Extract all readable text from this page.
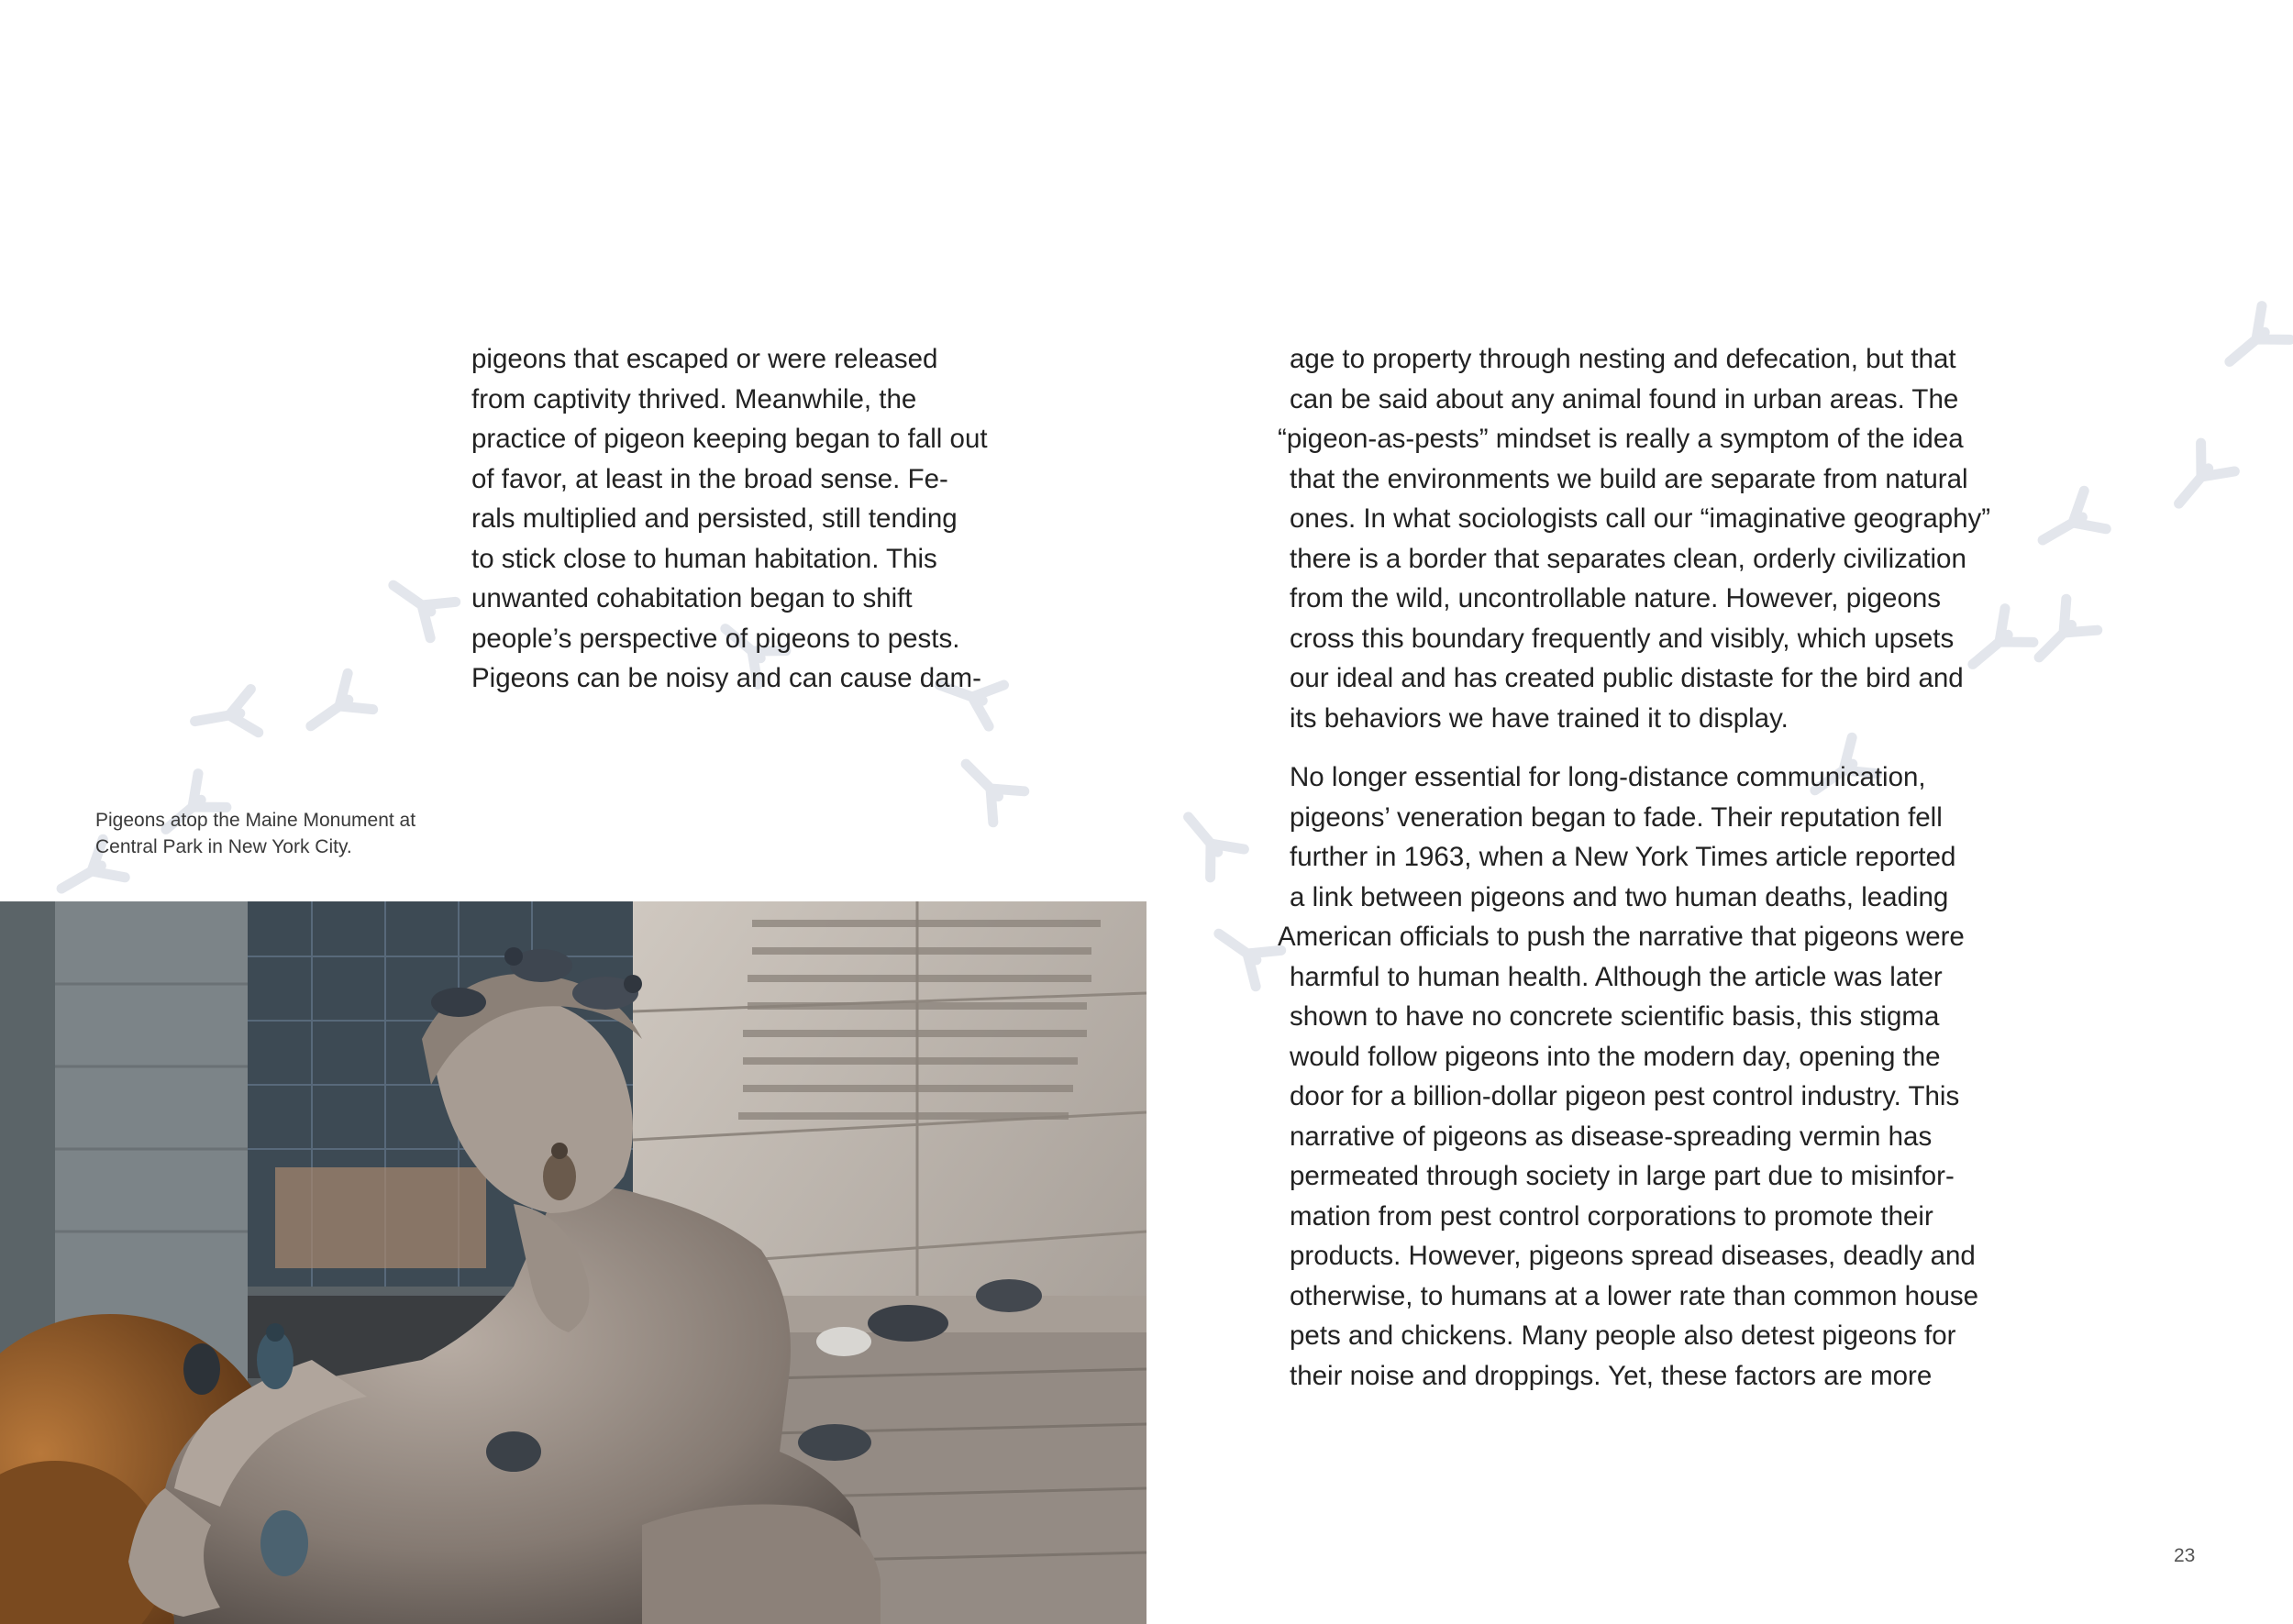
pigeons that escaped or were released
from captivity thrived. Meanwhile, the
practice of pigeon keeping began to fall out
of favor, at least in the broad sense. Fe-
rals multiplied and persisted, still tending
to stick close to human habitation. This
unwanted cohabitation began to shift
people’s perspective of pigeons to pests.
Pigeons can be noisy and can cause dam-
age to property through nesting and defecation, but that
can be said about any animal found in urban areas. The
“pigeon-as-pests” mindset is really a symptom of the idea
that the environments we build are separate from natural
ones. In what sociologists call our “imaginative geography”
there is a border that separates clean, orderly civilization
from the wild, uncontrollable nature. However, pigeons
cross this boundary frequently and visibly, which upsets
our ideal and has created public distaste for the bird and
its behaviors we have trained it to display.
No longer essential for long-distance communication,
pigeons’ veneration began to fade. Their reputation fell
further in 1963, when a New York Times article reported
a link between pigeons and two human deaths, leading
American officials to push the narrative that pigeons were
harmful to human health. Although the article was later
shown to have no concrete scientific basis, this stigma
would follow pigeons into the modern day, opening the
door for a billion-dollar pigeon pest control industry. This
narrative of pigeons as disease-spreading vermin has
permeated through society in large part due to misinfor-
mation from pest control corporations to promote their
products. However, pigeons spread diseases, deadly and
otherwise, to humans at a lower rate than common house
pets and chickens. Many people also detest pigeons for
their noise and droppings. Yet, these factors are more

Pigeons atop the Maine Monument at
Central Park in New York City.

23
